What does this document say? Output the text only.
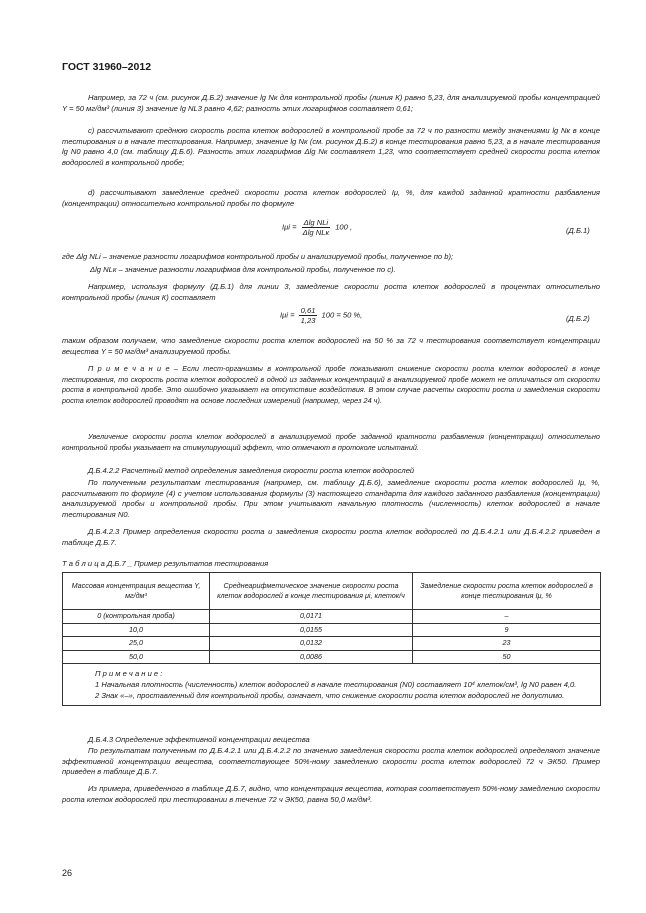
ГОСТ 31960–2012
Например, за 72 ч (см. рисунок Д.Б.2) значение lg Nк для контрольной пробы (линия К) равно 5,23, для анализируемой пробы концентрацией Y = 50 мг/дм³ (линия 3) значение lg NL3 равно 4,62; разность этих логарифмов составляет 0,61;
с) рассчитывают среднюю скорость роста клеток водорослей в контрольной пробе за 72 ч по разности между значениями lg Nк в конце тестирования и в начале тестирования. Например, значение lg Nк (см. рисунок Д.Б.2) в конце тестирования равно 5,23, а в начале тестирования lg N0 равно 4,0 (см. таблицу Д.Б.6). Разность этих логарифмов Δlg Nк составляет 1,23, что соответствует средней скорости роста клеток водорослей в контрольной пробе;
d) рассчитывают замедление средней скорости роста клеток водорослей Iμ, %, для каждой заданной кратности разбавления (концентрации) относительно контрольной пробы по формуле
$I\mu i = \frac{\text{Δlg NLi}}{\text{Δlg NLк}} 100$ ,	(Д.Б.1)
где Δlg NLi – значение разности логарифмов контрольной пробы и анализируемой пробы, полученное по b);
Δlg NLк – значение разности логарифмов для контрольной пробы, полученное по с).
Например, используя формулу (Д.Б.1) для линии 3, замедление скорости роста клеток водорослей в процентах относительно контрольной пробы (линия К) составляет
$I\mu i = \frac{0,61}{1,23} 100 = 50$ %,	(Д.Б.2)
таким образом получаем, что замедление скорости роста клеток водорослей на 50 % за 72 ч тестирования соответствует концентрации вещества Y = 50 мг/дм³ анализируемой пробы.
П р и м е ч а н и е – Если тест-организмы в контрольной пробе показывают снижение скорости роста клеток водорослей в конце тестирования, то скорость роста клеток водорослей в одной из заданных концентраций в анализируемой пробе может не отличаться от скорости роста в контрольной пробе. Это ошибочно указывает на отсутствие воздействия. В этом случае расчеты скорости роста и замедления скорости роста клеток водорослей проводят на основе последних измерений (например, через 24 ч).
Увеличение скорости роста клеток водорослей в анализируемой пробе заданной кратности разбавления (концентрации) относительно контрольной пробы указывает на стимулирующий эффект, что отмечают в протоколе испытаний.
Д.Б.4.2.2 Расчетный метод определения замедления скорости роста клеток водорослей
По полученным результатам тестирования (например, см. таблицу Д.Б.6), замедление скорости роста клеток водорослей Iμ, %, рассчитывают по формуле (4) с учетом использования формулы (3) настоящего стандарта для каждого заданного разбавления (концентрации) анализируемой пробы и контрольной пробы. При этом учитывают начальную плотность (численность) клеток водорослей в начале тестирования N0.
Д.Б.4.2.3 Пример определения скорости роста и замедления скорости роста клеток водорослей по Д.Б.4.2.1 или Д.Б.4.2.2 приведен в таблице Д.Б.7.
Т а б л и ц а Д.Б.7 _ Пример результатов тестирования
Массовая концентрация вещества Y, мг/дм³	Среднеарифметическое значение скорости роста клеток водорослей в конце тестирования μi, клеток/ч	Замедление скорости роста клеток водорослей в конце тестирования Iμ, %
0 (контрольная проба)	0,0171	–
10,0	0,0155	9
25,0	0,0132	23
50,0	0,0086	50

П р и м е ч а н и е :
1 Начальная плотность (численность) клеток водорослей в начале тестирования (N0) составляет 10⁴ клеток/см³, lg N0 равен 4,0.
2 Знак «–», проставленный для контрольной пробы, означает, что снижение скорости роста клеток водорослей не допустимо.		
Д.Б.4.3 Определение эффективной концентрации вещества
По результатам полученным по Д.Б.4.2.1 или Д.Б.4.2.2 по значению замедления скорости роста клеток водорослей определяют значение эффективной концентрации вещества, соответствующее 50%-ному замедлению скорости роста клеток водорослей 72 ч ЭК50. Пример приведен в таблице Д.Б.7.
Из примера, приведенного в таблице Д.Б.7, видно, что концентрация вещества, которая соответствует 50%-ному замедлению скорости роста клеток водорослей при тестировании в течение 72 ч ЭК50, равна 50,0 мг/дм³.
26
